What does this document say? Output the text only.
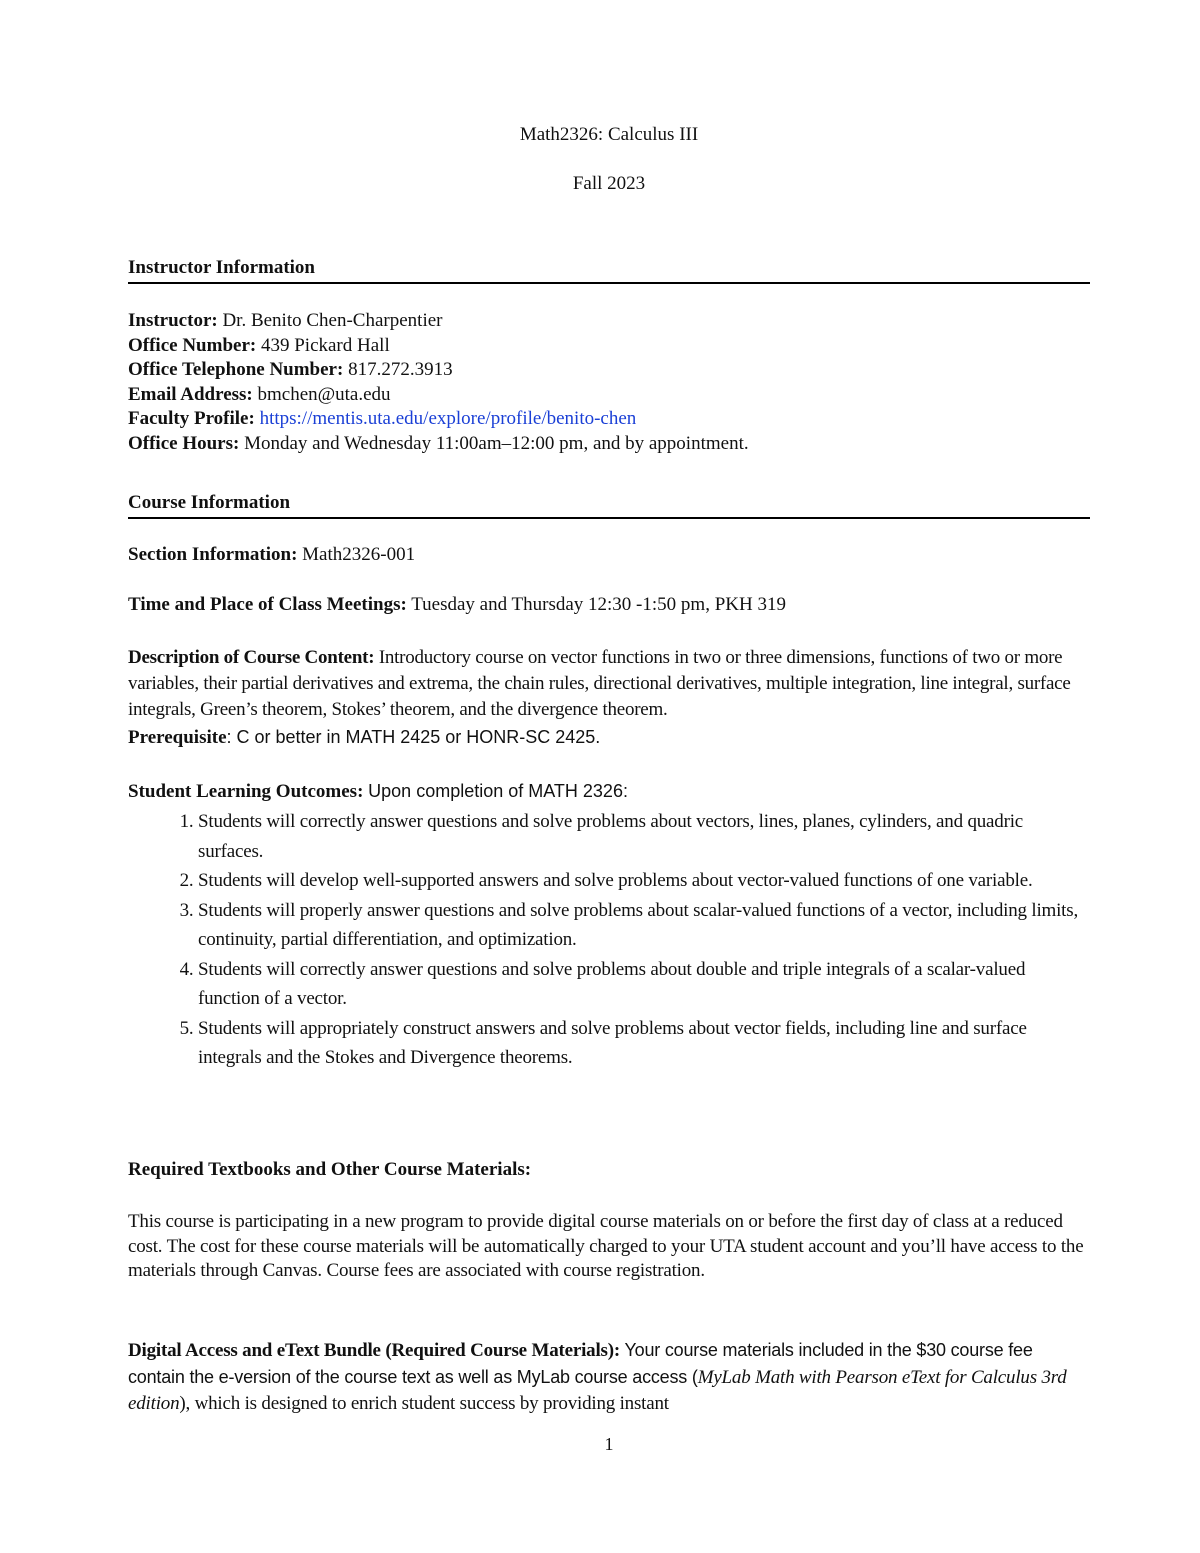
Math2326: Calculus III
Fall 2023
Instructor Information

Instructor: Dr. Benito Chen-Charpentier

Office Number: 439 Pickard Hall

Office Telephone Number: 817.272.3913

Email Address: bmchen@uta.edu

Faculty Profile: https://mentis.uta.edu/explore/profile/benito-chen

Office Hours: Monday and Wednesday 11:00am–12:00 pm, and by appointment.

Course Information
Section Information: Math2326-001
Time and Place of Class Meetings: Tuesday and Thursday 12:30 -1:50 pm, PKH 319
Description of Course Content: Introductory course on vector functions in two or three dimensions, functions of two or more variables, their partial derivatives and extrema, the chain rules, directional derivatives, multiple integration, line integral, surface integrals, Green’s theorem, Stokes’ theorem, and the divergence theorem.
Prerequisite: C or better in MATH 2425 or HONR-SC 2425.
Student Learning Outcomes: Upon completion of MATH 2326:
1. Students will correctly answer questions and solve problems about vectors, lines, planes, cylinders, and quadric surfaces.
2. Students will develop well-supported answers and solve problems about vector-valued functions of one variable.
3. Students will properly answer questions and solve problems about scalar-valued functions of a vector, including limits, continuity, partial differentiation, and optimization.
4. Students will correctly answer questions and solve problems about double and triple integrals of a scalar-valued function of a vector.
5. Students will appropriately construct answers and solve problems about vector fields, including line and surface integrals and the Stokes and Divergence theorems.
Required Textbooks and Other Course Materials:
This course is participating in a new program to provide digital course materials on or before the first day of class at a reduced cost. The cost for these course materials will be automatically charged to your UTA student account and you’ll have access to the materials through Canvas. Course fees are associated with course registration.
Digital Access and eText Bundle (Required Course Materials): Your course materials included in the $30 course fee contain the e-version of the course text as well as MyLab course access (MyLab Math with Pearson eText for Calculus 3rd edition), which is designed to enrich student success by providing instant
1
